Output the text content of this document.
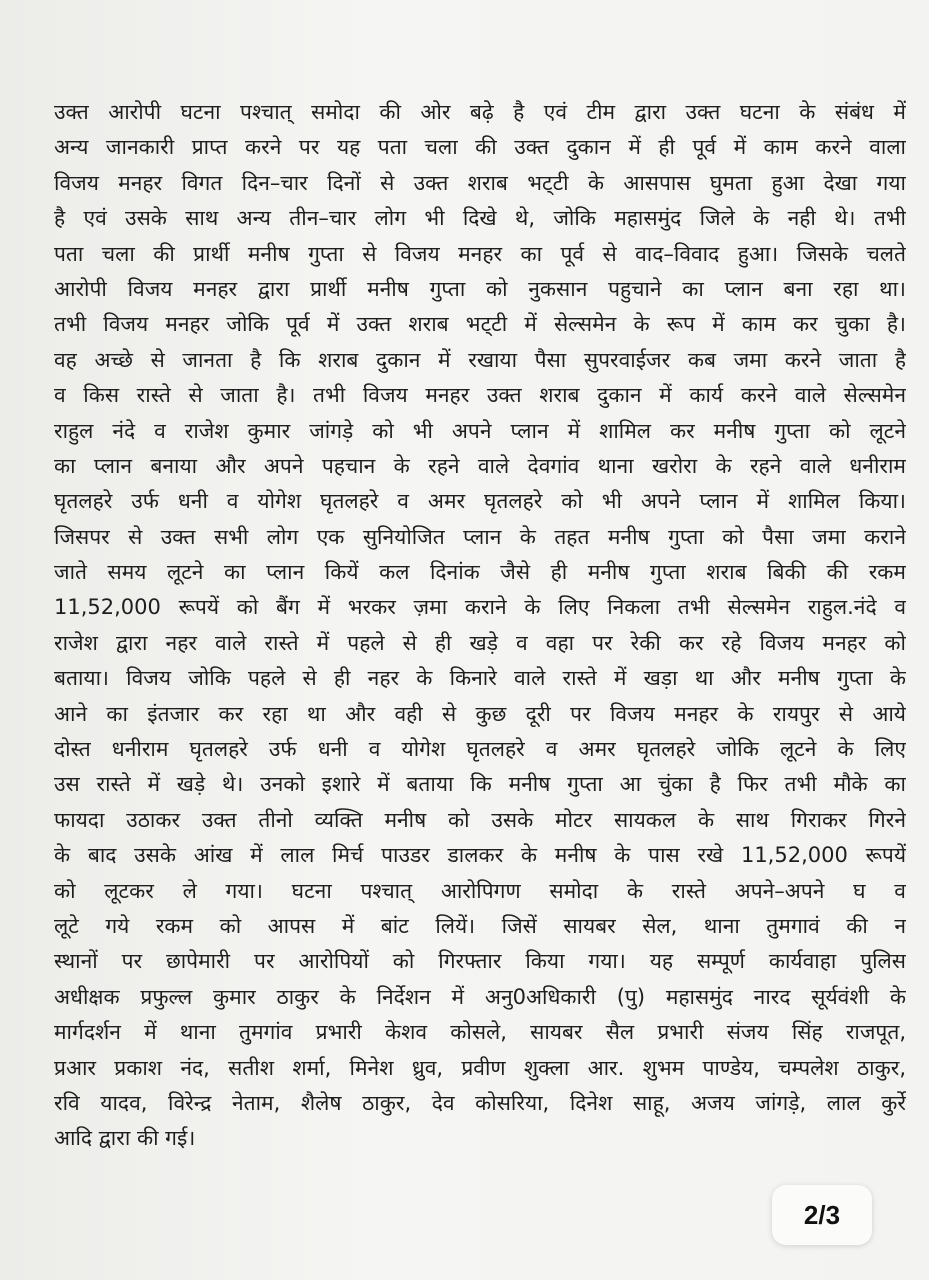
उक्त आरोपी घटना पश्चात् समोदा की ओर बढ़े है एवं टीम द्वारा उक्त घटना के संबंध में
अन्य जानकारी प्राप्त करने पर यह पता चला की उक्त दुकान में ही पूर्व में काम करने वाला
विजय मनहर विगत दिन–चार दिनों से उक्त शराब भट्‌टी के आसपास घुमता हुआ देखा गया
है एवं उसके साथ अन्य तीन–चार लोग भी दिखे थे, जोकि महासमुंद जिले के नही थे। तभी
पता चला की प्रार्थी मनीष गुप्ता से विजय मनहर का पूर्व से वाद–विवाद हुआ। जिसके चलते
आरोपी विजय मनहर द्वारा प्रार्थी मनीष गुप्ता को नुकसान पहुचाने का प्लान बना रहा था।
तभी विजय मनहर जोकि पूर्व में उक्त शराब भट्‌टी में सेल्समेन के रूप में काम कर चुका है।
वह अच्छे से जानता है कि शराब दुकान में रखाया पैसा सुपरवाईजर कब जमा करने जाता है
व किस रास्ते से जाता है। तभी विजय मनहर उक्त शराब दुकान में कार्य करने वाले सेल्समेन
राहुल नंदे व राजेश कुमार जांगड़े को भी अपने प्लान में शामिल कर मनीष गुप्ता को लूटने
का प्लान बनाया और अपने पहचान के रहने वाले देवगांव थाना खरोरा के रहने वाले धनीराम
घृतलहरे उर्फ धनी व योगेश घृतलहरे व अमर घृतलहरे को भी अपने प्लान में शामिल किया।
जिसपर से उक्त सभी लोग एक सुनियोजित प्लान के तहत मनीष गुप्ता को पैसा जमा कराने
जाते समय लूटने का प्लान कियें कल दिनांक जैसे ही मनीष गुप्ता शराब बिकी की रकम
11,52,000 रूपयें को बैंग में भरकर ज़मा कराने के लिए निकला तभी सेल्समेन राहुल.नंदे व
राजेश द्वारा नहर वाले रास्ते में पहले से ही खड़े व वहा पर रेकी कर रहे विजय मनहर को
बताया। विजय जोकि पहले से ही नहर के किनारे वाले रास्ते में खड़ा था और मनीष गुप्ता के
आने का इंतजार कर रहा था और वही से कुछ दूरी पर विजय मनहर के रायपुर से आये
दोस्त धनीराम घृतलहरे उर्फ धनी व योगेश घृतलहरे व अमर घृतलहरे जोकि लूटने के लिए
उस रास्ते में खड़े थे। उनको इशारे में बताया कि मनीष गुप्ता आ चुंका है फिर तभी मौके का
फायदा उठाकर उक्त तीनो व्यक्ति मनीष को उसके मोटर सायकल के साथ गिराकर गिरने
के बाद उसके आंख में लाल मिर्च पाउडर डालकर के मनीष के पास रखे 11,52,000 रूपयें
को लूटकर ले गया। घटना पश्चात् आरोपिगण समोदा के रास्ते अपने–अपने घ व
लूटे गये रकम को आपस में बांट लियें। जिसें सायबर सेल, थाना तुमगावं की न
स्थानों पर छापेमारी पर आरोपियों को गिरफ्तार किया गया। यह सम्पूर्ण कार्यवाहा पुलिस
अधीक्षक प्रफुल्ल कुमार ठाकुर के निर्देशन में अनु0अधिकारी (पु) महासमुंद नारद सूर्यवंशी के
मार्गदर्शन में थाना तुमगांव प्रभारी केशव कोसले, सायबर सैल प्रभारी संजय सिंह राजपूत,
प्रआर प्रकाश नंद, सतीश शर्मा, मिनेश ध्रुव, प्रवीण शुक्ला आर. शुभम पाण्डेय, चम्पलेश ठाकुर,
रवि यादव, विरेन्द्र नेताम, शैलेष ठाकुर, देव कोसरिया, दिनेश साहू, अजय जांगड़े, लाल कुर्रे
आदि द्वारा की गई।
2/3
